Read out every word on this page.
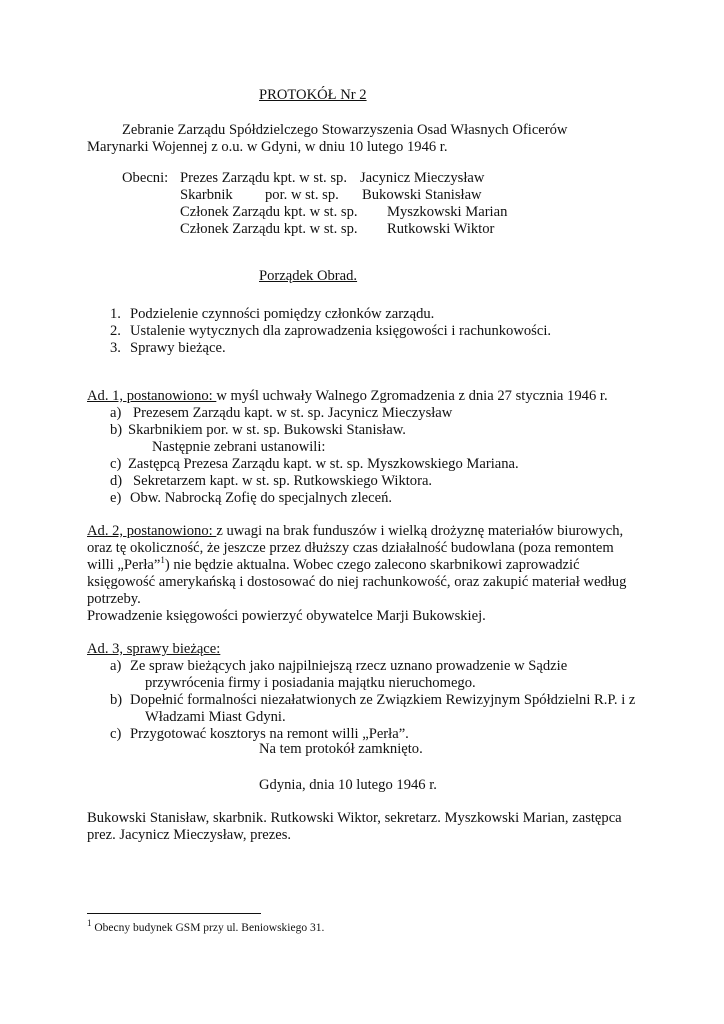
PROTOKÓŁ Nr 2
Zebranie Zarządu Spółdzielczego Stowarzyszenia Osad Własnych Oficerów
Marynarki Wojennej z o.u. w Gdyni, w dniu 10 lutego 1946 r.
Obecni: Prezes Zarządu kpt. w st. sp. Jacynicz Mieczysław
Skarbnik por. w st. sp. Bukowski Stanisław
Członek Zarządu kpt. w st. sp. Myszkowski Marian
Członek Zarządu kpt. w st. sp. Rutkowski Wiktor
Porządek Obrad.
1. Podzielenie czynności pomiędzy członków zarządu.
2. Ustalenie wytycznych dla zaprowadzenia księgowości i rachunkowości.
3. Sprawy bieżące.
Ad. 1, postanowiono: w myśl uchwały Walnego Zgromadzenia z dnia 27 stycznia 1946 r.
a) Prezesem Zarządu kapt. w st. sp. Jacynicz Mieczysław
b) Skarbnikiem por. w st. sp. Bukowski Stanisław.
Następnie zebrani ustanowili:
c) Zastępcą Prezesa Zarządu kapt. w st. sp. Myszkowskiego Mariana.
d) Sekretarzem kapt. w st. sp. Rutkowskiego Wiktora.
e) Obw. Nabrocką Zofię do specjalnych zleceń.
Ad. 2, postanowiono: z uwagi na brak funduszów i wielką drożyznę materiałów biurowych,
oraz tę okoliczność, że jeszcze przez dłuższy czas działalność budowlana (poza remontem
willi „Perła”$^1$) nie będzie aktualna. Wobec czego zalecono skarbnikowi zaprowadzić
księgowość amerykańską i dostosować do niej rachunkowość, oraz zakupić materiał według
potrzeby.
Prowadzenie księgowości powierzyć obywatelce Marji Bukowskiej.
Ad. 3, sprawy bieżące:
a) Ze spraw bieżących jako najpilniejszą rzecz uznano prowadzenie w Sądzie
przywrócenia firmy i posiadania majątku nieruchomego.
b) Dopełnić formalności niezałatwionych ze Związkiem Rewizyjnym Spółdzielni R.P. i z
Władzami Miast Gdyni.
c) Przygotować kosztorys na remont willi „Perła”.
Na tem protokół zamknięto.
Gdynia, dnia 10 lutego 1946 r.
Bukowski Stanisław, skarbnik. Rutkowski Wiktor, sekretarz. Myszkowski Marian, zastępca
prez. Jacynicz Mieczysław, prezes.
$^1$ Obecny budynek GSM przy ul. Beniowskiego 31.
